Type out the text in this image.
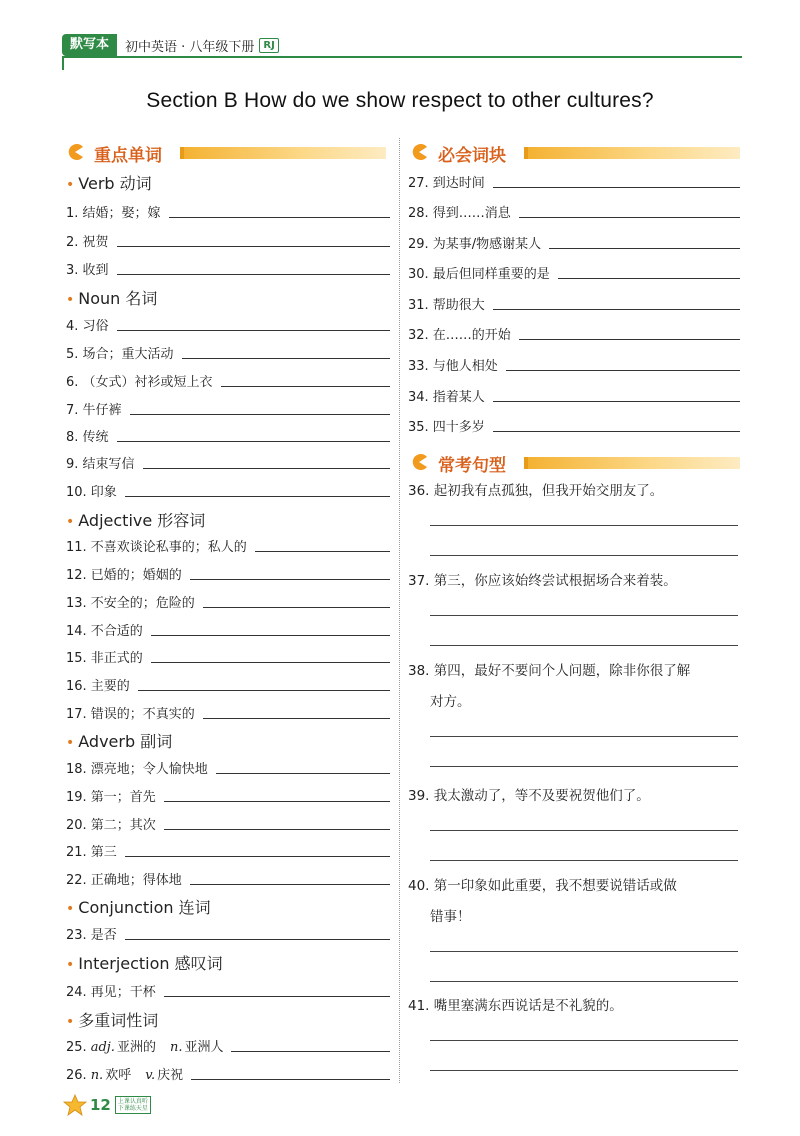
默写本	初中英语 · 八年级下册 RJ
Section B How do we show respect to other cultures?
重点单词
• Verb 动词
1. 结婚；娶；嫁
2. 祝贺
3. 收到
• Noun 名词
4. 习俗
5. 场合；重大活动
6. （女式）衬衫或短上衣
7. 牛仔裤
8. 传统
9. 结束写信
10. 印象
• Adjective 形容词
11. 不喜欢谈论私事的；私人的
12. 已婚的；婚姻的
13. 不安全的；危险的
14. 不合适的
15. 非正式的
16. 主要的
17. 错误的；不真实的
• Adverb 副词
18. 漂亮地；令人愉快地
19. 第一；首先
20. 第二；其次
21. 第三
22. 正确地；得体地
• Conjunction 连词
23. 是否
• Interjection 感叹词
24. 再见；干杯
• 多重词性词
25. adj. 亚洲的 n. 亚洲人
26. n. 欢呼 v. 庆祝
必会词块
27. 到达时间
28. 得到……消息
29. 为某事/物感谢某人
30. 最后但同样重要的是
31. 帮助很大
32. 在……的开始
33. 与他人相处
34. 指着某人
35. 四十多岁
常考句型
36. 起初我有点孤独，但我开始交朋友了。
37. 第三，你应该始终尝试根据场合来着装。
38. 第四，最好不要问个人问题，除非你很了解
对方。
39. 我太激动了，等不及要祝贺他们了。
40. 第一印象如此重要，我不想要说错话或做
错事！
41. 嘴里塞满东西说话是不礼貌的。
12	上课认真听
下课练天星
